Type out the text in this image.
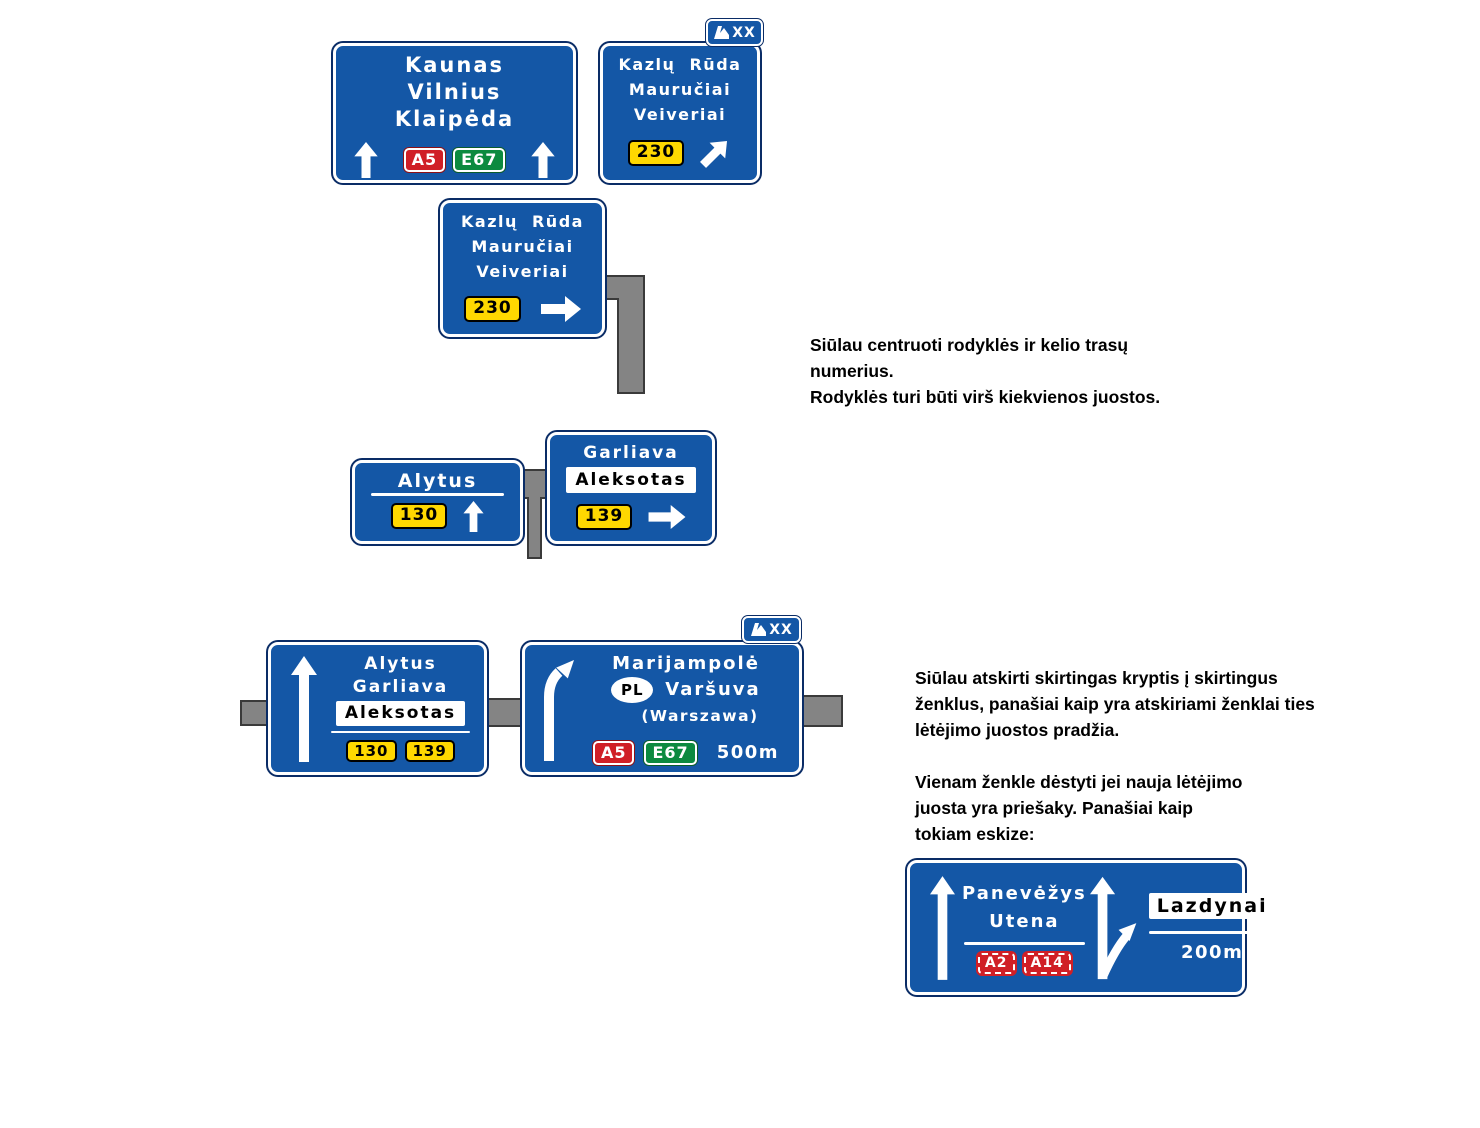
XX
XX
Kaunas
Vilnius
Klaipėda
A5	E67
Kazlų Rūda
Mauručiai
Veiveriai
230
Kazlų Rūda
Mauručiai
Veiveriai
230
Siūlau centruoti rodyklės ir kelio trasų
numerius.
Rodyklės turi būti virš kiekvienos juostos.
Alytus
130
Garliava
Aleksotas
139
Alytus
Garliava
Aleksotas
130	139
Marijampolė
PL	Varšuva
(Warszawa)
A5	E67	500m
Siūlau atskirti skirtingas kryptis į skirtingus
ženklus, panašiai kaip yra atskiriami ženklai ties
lėtėjimo juostos pradžia.
Vienam ženkle dėstyti jei nauja lėtėjimo
juosta yra priešaky. Panašiai kaip
tokiam eskize:
Panevėžys
Utena
A2	A14
Lazdynai
200m
